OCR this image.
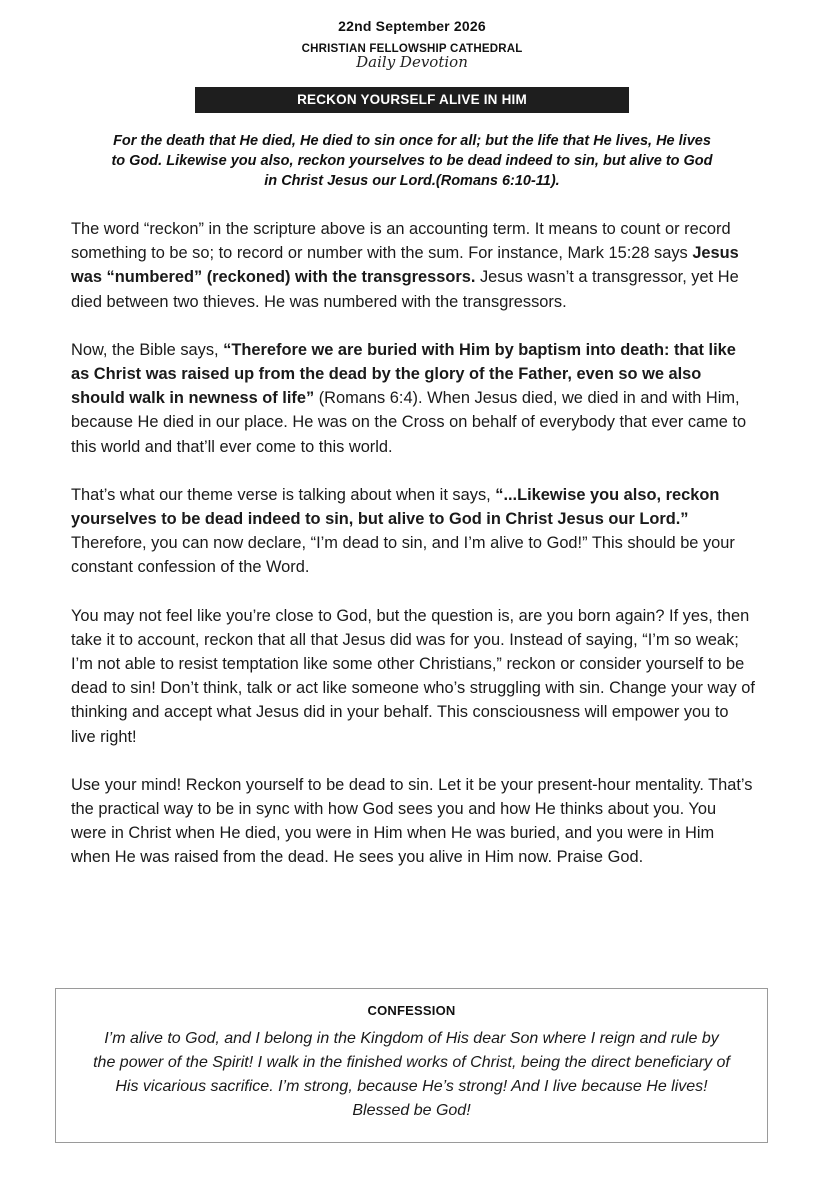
22nd September 2026
CHRISTIAN FELLOWSHIP CATHEDRAL
Daily Devotion
RECKON YOURSELF ALIVE IN HIM
For the death that He died, He died to sin once for all; but the life that He lives, He lives to God. Likewise you also, reckon yourselves to be dead indeed to sin, but alive to God in Christ Jesus our Lord.(Romans 6:10-11).

The word “reckon” in the scripture above is an accounting term. It means to count or record something to be so; to record or number with the sum. For instance, Mark 15:28 says Jesus was “numbered” (reckoned) with the transgressors. Jesus wasn’t a transgressor, yet He died between two thieves. He was numbered with the transgressors.

Now, the Bible says, “Therefore we are buried with Him by baptism into death: that like as Christ was raised up from the dead by the glory of the Father, even so we also should walk in newness of life” (Romans 6:4). When Jesus died, we died in and with Him, because He died in our place. He was on the Cross on behalf of everybody that ever came to this world and that’ll ever come to this world.

That’s what our theme verse is talking about when it says, “...Likewise you also, reckon yourselves to be dead indeed to sin, but alive to God in Christ Jesus our Lord.” Therefore, you can now declare, “I’m dead to sin, and I’m alive to God!” This should be your constant confession of the Word.

You may not feel like you’re close to God, but the question is, are you born again? If yes, then take it to account, reckon that all that Jesus did was for you. Instead of saying, “I’m so weak; I’m not able to resist temptation like some other Christians,” reckon or consider yourself to be dead to sin! Don’t think, talk or act like someone who’s struggling with sin. Change your way of thinking and accept what Jesus did in your behalf. This consciousness will empower you to live right!

Use your mind! Reckon yourself to be dead to sin. Let it be your present-hour mentality. That’s the practical way to be in sync with how God sees you and how He thinks about you. You were in Christ when He died, you were in Him when He was buried, and you were in Him when He was raised from the dead. He sees you alive in Him now. Praise God.

CONFESSION
I’m alive to God, and I belong in the Kingdom of His dear Son where I reign and rule by the power of the Spirit! I walk in the finished works of Christ, being the direct beneficiary of His vicarious sacrifice. I’m strong, because He’s strong! And I live because He lives! Blessed be God!
